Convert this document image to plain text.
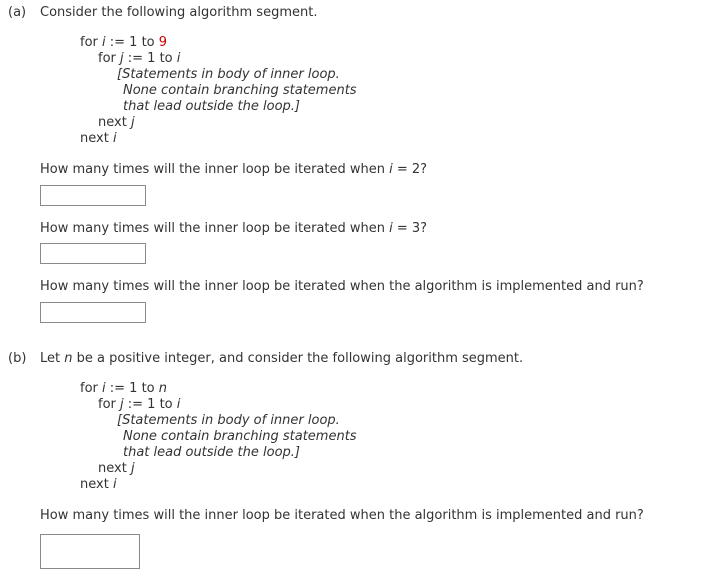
(a) Consider the following algorithm segment.
for i := 1 to 9
for j := 1 to i
[Statements in body of inner loop.
None contain branching statements
that lead outside the loop.]
next j
next i
How many times will the inner loop be iterated when i = 2?
How many times will the inner loop be iterated when i = 3?
How many times will the inner loop be iterated when the algorithm is implemented and run?
(b) Let n be a positive integer, and consider the following algorithm segment.
for i := 1 to n
for j := 1 to i
[Statements in body of inner loop.
None contain branching statements
that lead outside the loop.]
next j
next i
How many times will the inner loop be iterated when the algorithm is implemented and run?
